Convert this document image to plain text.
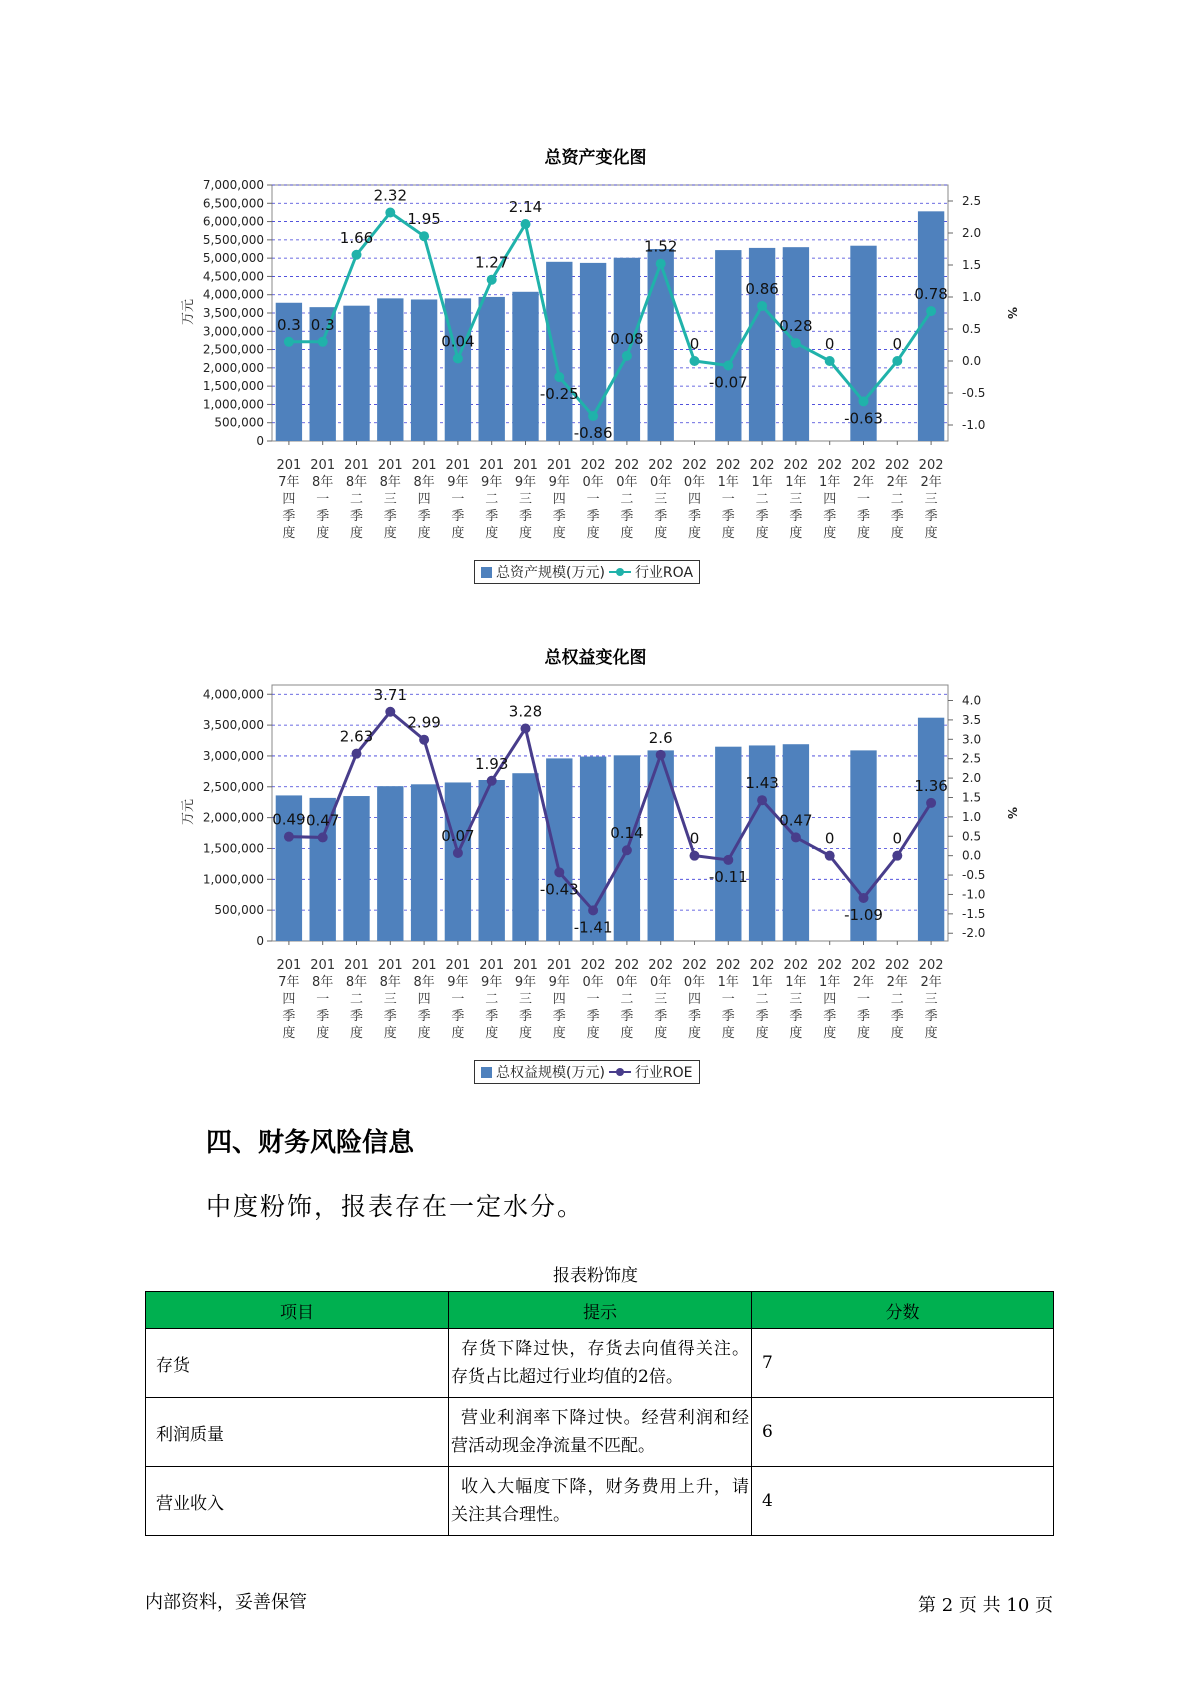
总资产变化图
0
500,000
1,000,000
1,500,000
2,000,000
2,500,000
3,000,000
3,500,000
4,000,000
4,500,000
5,000,000
5,500,000
6,000,000
6,500,000
7,000,000
-1.0
-0.5
0.0
0.5
1.0
1.5
2.0
2.5
万元	%
201
7年
四
季
度
201
8年
一
季
度
201
8年
二
季
度
201
8年
三
季
度
201
8年
四
季
度
201
9年
一
季
度
201
9年
二
季
度
201
9年
三
季
度
201
9年
四
季
度
202
0年
一
季
度
202
0年
二
季
度
202
0年
三
季
度
202
0年
四
季
度
202
1年
一
季
度
202
1年
二
季
度
202
1年
三
季
度
202
1年
四
季
度
202
2年
一
季
度
202
2年
二
季
度
202
2年
三
季
度
0.3 0.3
1.66
2.32
1.95
0.04
1.27
2.14
-0.25
-0.86
0.08
1.52
0
-0.07
0.86
0.28
0
-0.63
0
0.78
总资产规模(万元) 行业ROA
总权益变化图
0
500,000
1,000,000
1,500,000
2,000,000
2,500,000
3,000,000
3,500,000
4,000,000
-2.0
-1.5
-1.0
-0.5
0.0
0.5
1.0
1.5
2.0
2.5
3.0
3.5
4.0
万元	%
201
7年
四
季
度
201
8年
一
季
度
201
8年
二
季
度
201
8年
三
季
度
201
8年
四
季
度
201
9年
一
季
度
201
9年
二
季
度
201
9年
三
季
度
201
9年
四
季
度
202
0年
一
季
度
202
0年
二
季
度
202
0年
三
季
度
202
0年
四
季
度
202
1年
一
季
度
202
1年
二
季
度
202
1年
三
季
度
202
1年
四
季
度
202
2年
一
季
度
202
2年
二
季
度
202
2年
三
季
度
0.49 0.47
2.63
3.71
2.99
0.07
1.93
3.28
-0.43
-1.41
0.14
2.6
0
-0.11
1.43
0.47
0
-1.09
0
1.36
总权益规模(万元) 行业ROE
四、财务风险信息
中度粉饰，报表存在一定水分。
报表粉饰度
项目	提示	分数
存货	存货下降过快，存货去向值得关注。存货占比超过行业均值的2倍。	7
利润质量	营业利润率下降过快。经营利润和经营活动现金净流量不匹配。	6
营业收入	收入大幅度下降，财务费用上升，请关注其合理性。	4
内部资料，妥善保管	第 2 页 共 10 页
